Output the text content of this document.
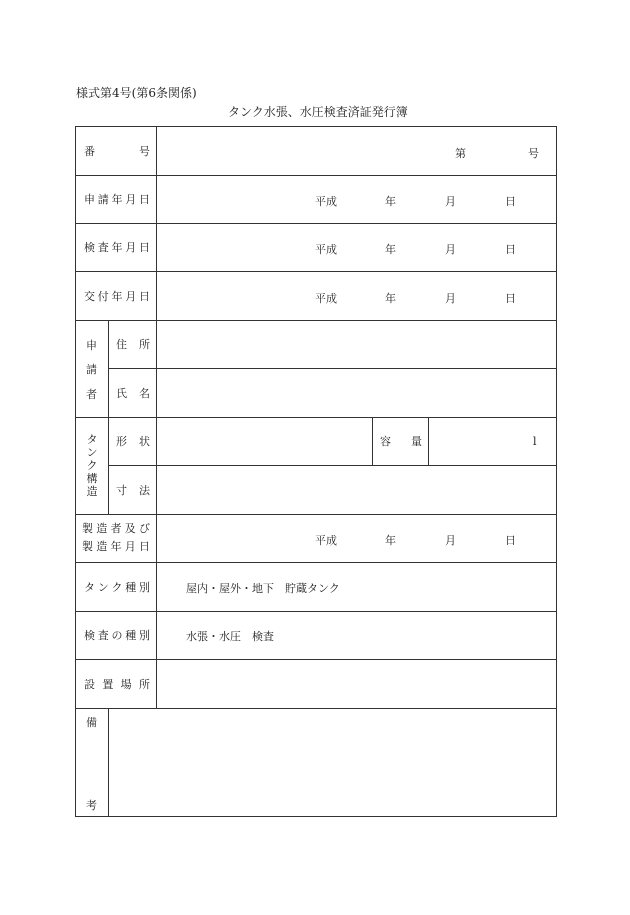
様式第4号(第6条関係)
タンク水張、水圧検査済証発行簿
番	号	第	号
申 請 年 月 日	平成	年	月	日
検 査 年 月 日	平成	年	月	日
交 付 年 月 日	平成	年	月	日
申
請
者
住 所
氏 名
タ
ン
ク
構
造
形 状	容 量	l
寸 法
製 造 者 及 び
製 造 年 月 日	平成	年	月	日
タ ン ク 種 別	屋内・屋外・地下　貯蔵タンク
検 査 の 種 別	水張・水圧　検査
設 置 場 所
備
考
